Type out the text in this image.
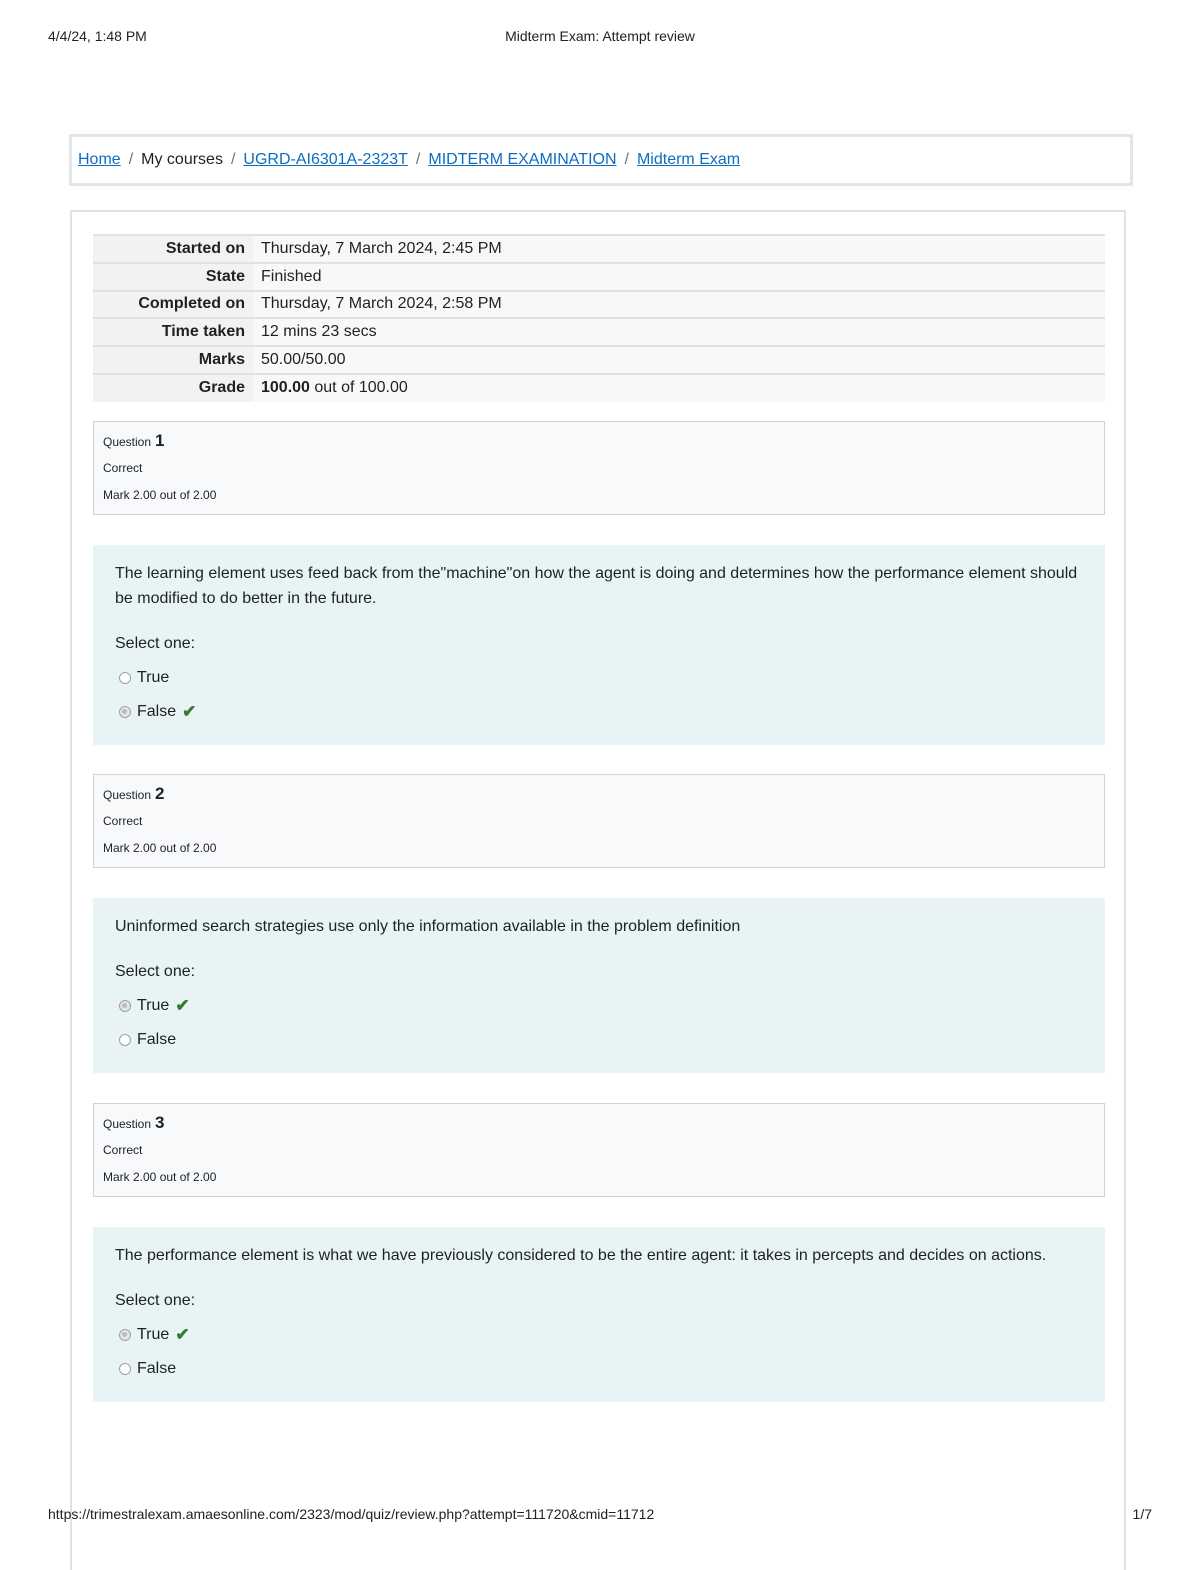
4/4/24, 1:48 PM	Midterm Exam: Attempt review
Home / My courses / UGRD-AI6301A-2323T / MIDTERM EXAMINATION / Midterm Exam
Started on	Thursday, 7 March 2024, 2:45 PM
State	Finished
Completed on	Thursday, 7 March 2024, 2:58 PM
Time taken	12 mins 23 secs
Marks	50.00/50.00
Grade	100.00 out of 100.00
Question 1
Correct
Mark 2.00 out of 2.00
The learning element uses feed back from the"machine"on how the agent is doing and determines how the performance element should be modified to do better in the future.
Select one:
True
False ✔
Question 2
Correct
Mark 2.00 out of 2.00
Uninformed search strategies use only the information available in the problem definition
Select one:
True ✔
False
Question 3
Correct
Mark 2.00 out of 2.00
The performance element is what we have previously considered to be the entire agent: it takes in percepts and decides on actions.
Select one:
True ✔
False
https://trimestralexam.amaesonline.com/2323/mod/quiz/review.php?attempt=111720&cmid=11712	1/7
